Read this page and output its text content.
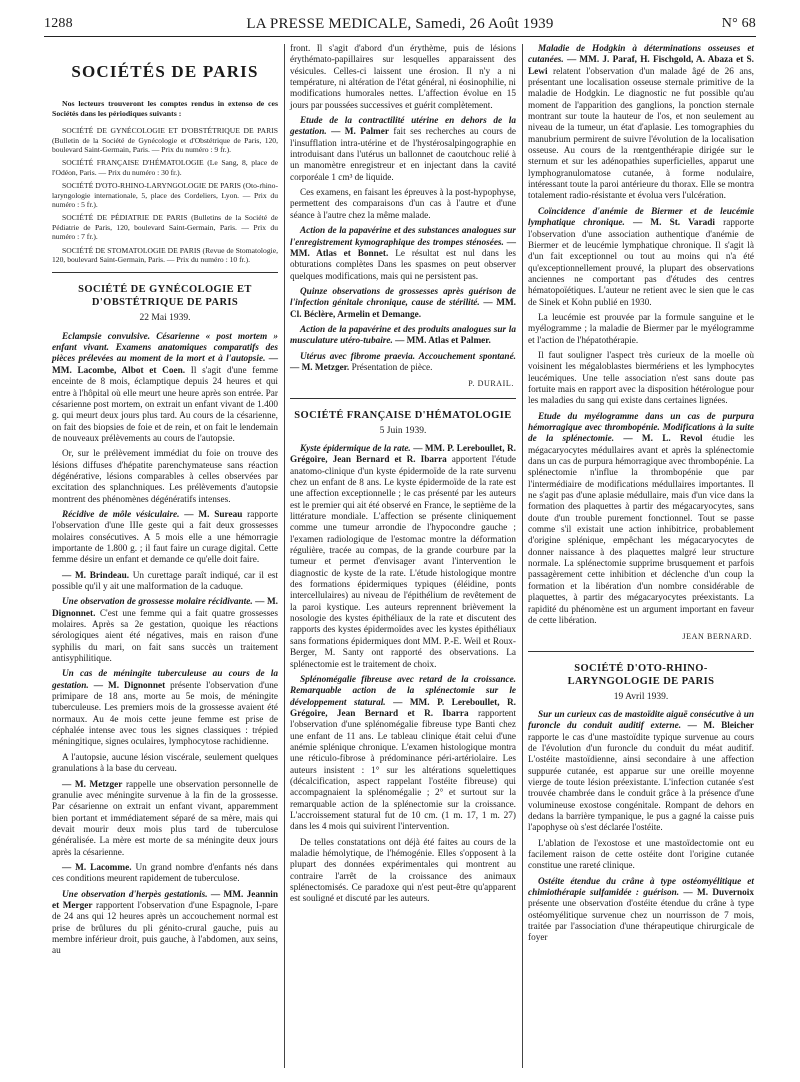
1288	LA PRESSE MEDICALE, Samedi, 26 Août 1939	N° 68
SOCIÉTÉS DE PARIS

Nos lecteurs trouveront les comptes rendus in extenso de ces Sociétés dans les périodiques suivants :

SOCIÉTÉ DE GYNÉCOLOGIE ET D'OBSTÉTRIQUE DE PARIS (Bulletin de la Société de Gynécologie et d'Obstétrique de Paris, 120, boulevard Saint-Germain, Paris. — Prix du numéro : 9 fr.).

SOCIÉTÉ FRANÇAISE D'HÉMATOLOGIE (Le Sang, 8, place de l'Odéon, Paris. — Prix du numéro : 30 fr.).

SOCIÉTÉ D'OTO-RHINO-LARYNGOLOGIE DE PARIS (Oto-rhino-laryngologie internationale, 5, place des Cordeliers, Lyon. — Prix du numéro : 5 fr.).

SOCIÉTÉ DE PÉDIATRIE DE PARIS (Bulletins de la Société de Pédiatrie de Paris, 120, boulevard Saint-Germain, Paris. — Prix du numéro : 7 fr.).

SOCIÉTÉ DE STOMATOLOGIE DE PARIS (Revue de Stomatologie, 120, boulevard Saint-Germain, Paris. — Prix du numéro : 10 fr.).

SOCIÉTÉ DE GYNÉCOLOGIE ET D'OBSTÉTRIQUE DE PARIS
22 Mai 1939.

Eclampsie convulsive. Césarienne « post mortem » enfant vivant. Examens anatomiques comparatifs des pièces prélevées au moment de la mort et à l'autopsie. — MM. Lacombe, Albot et Coen. Il s'agit d'une femme enceinte de 8 mois, éclamptique depuis 24 heures et qui entre à l'hôpital où elle meurt une heure après son entrée. Par césarienne post mortem, on extrait un enfant vivant de 1.400 g. qui meurt deux jours plus tard. Au cours de la césarienne, on fait des biopsies de foie et de rein, et on fait le lendemain de nouveaux prélèvements au cours de l'autopsie.

Or, sur le prélèvement immédiat du foie on trouve des lésions diffuses d'hépatite parenchymateuse sans réaction dégénérative, lésions comparables à celles observées par excitation des splanchniques. Les prélèvements d'autopsie montrent des phénomènes dégénératifs intenses.

Récidive de môle vésiculaire. — M. Sureau rapporte l'observation d'une IIIe geste qui a fait deux grossesses molaires consécutives. A 5 mois elle a une hémorragie importante de 1.800 g. ; il faut faire un curage digital. Cette femme désire un enfant et demande ce qu'elle doit faire.

— M. Brindeau. Un curettage paraît indiqué, car il est possible qu'il y ait une malformation de la caduque.

Une observation de grossesse molaire récidivante. — M. Dignonnet. C'est une femme qui a fait quatre grossesses molaires. Après sa 2e gestation, quoique les réactions sérologiques aient été négatives, mais en raison d'une syphilis du mari, on fait sans succès un traitement antisyphilitique.

Un cas de méningite tuberculeuse au cours de la gestation. — M. Dignonnet présente l'observation d'une primipare de 18 ans, morte au 5e mois, de méningite tuberculeuse. Les premiers mois de la grossesse avaient été normaux. Au 4e mois cette jeune femme est prise de céphalée intense avec tous les signes classiques : trépied méningitique, signes oculaires, lymphocytose rachidienne.

A l'autopsie, aucune lésion viscérale, seulement quelques granulations à la base du cerveau.

— M. Metzger rappelle une observation personnelle de granulie avec méningite survenue à la fin de la grossesse. Par césarienne on extrait un enfant vivant, apparemment bien portant et immédiatement séparé de sa mère, mais qui devait mourir deux mois plus tard de tuberculose généralisée. La mère est morte de sa méningite deux jours après la césarienne.

— M. Lacomme. Un grand nombre d'enfants nés dans ces conditions meurent rapidement de tuberculose.

Une observation d'herpès gestationis. — MM. Jeannin et Merger rapportent l'observation d'une Espagnole, I-pare de 24 ans qui 12 heures après un accouchement normal est prise de brûlures du pli génito-crural gauche, puis au membre inférieur droit, puis gauche, à l'abdomen, aux seins, au

front. Il s'agit d'abord d'un érythème, puis de lésions érythémato-papillaires sur lesquelles apparaissent des vésicules. Celles-ci laissent une érosion. Il n'y a ni température, ni altération de l'état général, ni éosinophilie, ni modifications humorales nettes. L'affection évolue en 15 jours par poussées successives et guérit complètement.

Etude de la contractilité utérine en dehors de la gestation. — M. Palmer fait ses recherches au cours de l'insufflation intra-utérine et de l'hystérosalpingographie en introduisant dans l'utérus un ballonnet de caoutchouc relié à un manomètre enregistreur et en injectant dans la cavité corporéale 1 cm³ de liquide.

Ces examens, en faisant les épreuves à la post-hypophyse, permettent des comparaisons d'un cas à l'autre et d'une séance à l'autre chez la même malade.

Action de la papavérine et des substances analogues sur l'enregistrement kymographique des trompes sténosées. — MM. Atlas et Bonnet. Le résultat est nul dans les obturations complètes Dans les spasmes on peut observer quelques modifications, mais qui ne persistent pas.

Quinze observations de grossesses après guérison de l'infection génitale chronique, cause de stérilité. — MM. Cl. Béclère, Armelin et Demange.

Action de la papavérine et des produits analogues sur la musculature utéro-tubaire. — MM. Atlas et Palmer.

Utérus avec fibrome praevia. Accouchement spontané. — M. Metzger. Présentation de pièce.

P. DURAIL.
SOCIÉTÉ FRANÇAISE D'HÉMATOLOGIE
5 Juin 1939.

Kyste épidermique de la rate. — MM. P. Lereboullet, R. Grégoire, Jean Bernard et R. Ibarra apportent l'étude anatomo-clinique d'un kyste épidermoïde de la rate survenu chez un enfant de 8 ans. Le kyste épidermoïde de la rate est une affection exceptionnelle ; le cas présenté par les auteurs est le premier qui ait été observé en France, le septième de la littérature mondiale. L'affection se présente cliniquement comme une tumeur arrondie de l'hypocondre gauche ; l'examen radiologique de l'estomac montre la déformation régulière, tracée au compas, de la grande courbure par la tumeur et permet d'envisager avant l'intervention le diagnostic de kyste de la rate. L'étude histologique montre des formations épidermiques typiques (éléidine, ponts intercellulaires) au niveau de l'épithélium de revêtement de la paroi kystique. Les auteurs reprennent brièvement la nosologie des kystes épithéliaux de la rate et discutent des rapports des kystes épidermoïdes avec les kystes épithéliaux sans formations épidermiques dont MM. P.-E. Weil et Roux-Berger, M. Santy ont rapporté des observations. La splénectomie est le traitement de choix.

Splénomégalie fibreuse avec retard de la croissance. Remarquable action de la splénectomie sur le développement statural. — MM. P. Lereboullet, R. Grégoire, Jean Bernard et R. Ibarra rapportent l'observation d'une splénomégalie fibreuse type Banti chez une enfant de 11 ans. Le tableau clinique était celui d'une anémie splénique chronique. L'examen histologique montra une réticulo-fibrose à prédominance péri-artériolaire. Les auteurs insistent : 1° sur les altérations squelettiques (décalcification, aspect rappelant l'ostéite fibreuse) qui accompagnaient la splénomégalie ; 2° et surtout sur la remarquable action de la splénectomie sur la croissance. L'accroissement statural fut de 10 cm. (1 m. 17, 1 m. 27) dans les 4 mois qui suivirent l'intervention.

De telles constatations ont déjà été faites au cours de la maladie hémolytique, de l'hémogénie. Elles s'opposent à la plupart des données expérimentales qui montrent au contraire l'arrêt de la croissance des animaux splénectomisés. Ce paradoxe qui n'est peut-être qu'apparent est souligné et discuté par les auteurs.

Maladie de Hodgkin à déterminations osseuses et cutanées. — MM. J. Paraf, H. Fischgold, A. Abaza et S. Lewi relatent l'observation d'un malade âgé de 26 ans, présentant une localisation osseuse sternale primitive de la maladie de Hodgkin. Le diagnostic ne fut possible qu'au moment de l'apparition des ganglions, la ponction sternale montrant sur toute la hauteur de l'os, et non seulement au niveau de la tumeur, un état d'aplasie. Les tomographies du manubrium permirent de suivre l'évolution de la localisation osseuse. Au cours de la rœntgenthérapie dirigée sur le sternum et sur les adénopathies superficielles, apparut une lymphogranulomatose cutanée, à forme nodulaire, intéressant toute la paroi antérieure du thorax. Elle se montra totalement radio-résistante et évolua vers l'ulcération.

Coïncidence d'anémie de Biermer et de leucémie lymphatique chronique. — M. St. Varadi rapporte l'observation d'une association authentique d'anémie de Biermer et de leucémie lymphatique chronique. Il s'agit là d'un fait exceptionnel ou tout au moins qui n'a été qu'exceptionnellement prouvé, la plupart des observations anciennes ne comportant pas d'études des centres hématopoïétiques. L'auteur ne retient avec le sien que le cas de Sinek et Kohn publié en 1930.

La leucémie est prouvée par la formule sanguine et le myélogramme ; la maladie de Biermer par le myélogramme et l'action de l'hépatothérapie.

Il faut souligner l'aspect très curieux de la moelle où voisinent les mégaloblastes biermériens et les lymphocytes leucémiques. Une telle association n'est sans doute pas fortuite mais en rapport avec la disposition hétérologue pour les maladies du sang qui existe dans certaines lignées.

Etude du myélogramme dans un cas de purpura hémorragique avec thrombopénie. Modifications à la suite de la splénectomie. — M. L. Revol étudie les mégacaryocytes médullaires avant et après la splénectomie dans un cas de purpura hémorragique avec thrombopénie. La splénectomie n'influe la thrombopénie que par l'intermédiaire de modifications médullaires importantes. Il ne s'agit pas d'une aplasie médullaire, mais d'un vice dans la formation des plaquettes à partir des mégacaryocytes, sans doute d'un trouble purement fonctionnel. Tout se passe comme s'il existait une action inhibitrice, probablement d'origine splénique, empêchant les mégacaryocytes de donner naissance à des plaquettes malgré leur structure normale. La splénectomie supprime brusquement et parfois passagèrement cette inhibition et déclenche d'un coup la formation et la libération d'un nombre considérable de plaquettes, à partir des mégacaryocytes préexistants. La rapidité du phénomène est un argument important en faveur de cette libération.

JEAN BERNARD.
SOCIÉTÉ D'OTO-RHINO-LARYNGOLOGIE DE PARIS
19 Avril 1939.

Sur un curieux cas de mastoïdite aiguë consécutive à un furoncle du conduit auditif externe. — M. Bleicher rapporte le cas d'une mastoïdite typique survenue au cours de l'évolution d'un furoncle du conduit du méat auditif. L'ostéite mastoïdienne, ainsi secondaire à une affection suppurée cutanée, est apparue sur une oreille moyenne vierge de toute lésion préexistante. L'infection cutanée s'est trouvée chambrée dans le conduit grâce à la présence d'une volumineuse exostose congénitale. Rompant de dehors en dedans la barrière tympanique, le pus a gagné la caisse puis l'apophyse où s'est déclarée l'ostéite.

L'ablation de l'exostose et une mastoïdectomie ont eu facilement raison de cette ostéite dont l'origine cutanée constitue une rareté clinique.

Ostéite étendue du crâne à type ostéomyélitique et chimiothérapie sulfamidée : guérison. — M. Duvernoix présente une observation d'ostéite étendue du crâne à type ostéomyélitique survenue chez un nourrisson de 7 mois, traitée par l'association d'une thérapeutique chirurgicale de foyer
